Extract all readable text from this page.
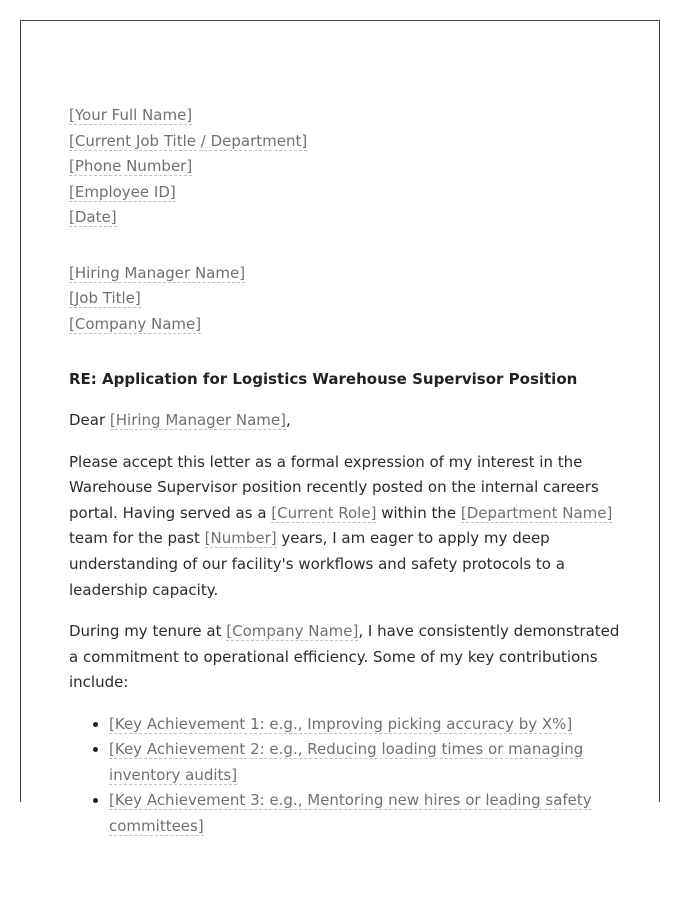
[Your Full Name]
[Current Job Title / Department]
[Phone Number]
[Employee ID]
[Date]
[Hiring Manager Name]
[Job Title]
[Company Name]
RE: Application for Logistics Warehouse Supervisor Position

Dear [Hiring Manager Name],

Please accept this letter as a formal expression of my interest in the Warehouse Supervisor position recently posted on the internal careers portal. Having served as a [Current Role] within the [Department Name] team for the past [Number] years, I am eager to apply my deep understanding of our facility's workflows and safety protocols to a leadership capacity.

During my tenure at [Company Name], I have consistently demonstrated a commitment to operational efficiency. Some of my key contributions include:

• [Key Achievement 1: e.g., Improving picking accuracy by X%]
• [Key Achievement 2: e.g., Reducing loading times or managing inventory audits]
• [Key Achievement 3: e.g., Mentoring new hires or leading safety committees]
